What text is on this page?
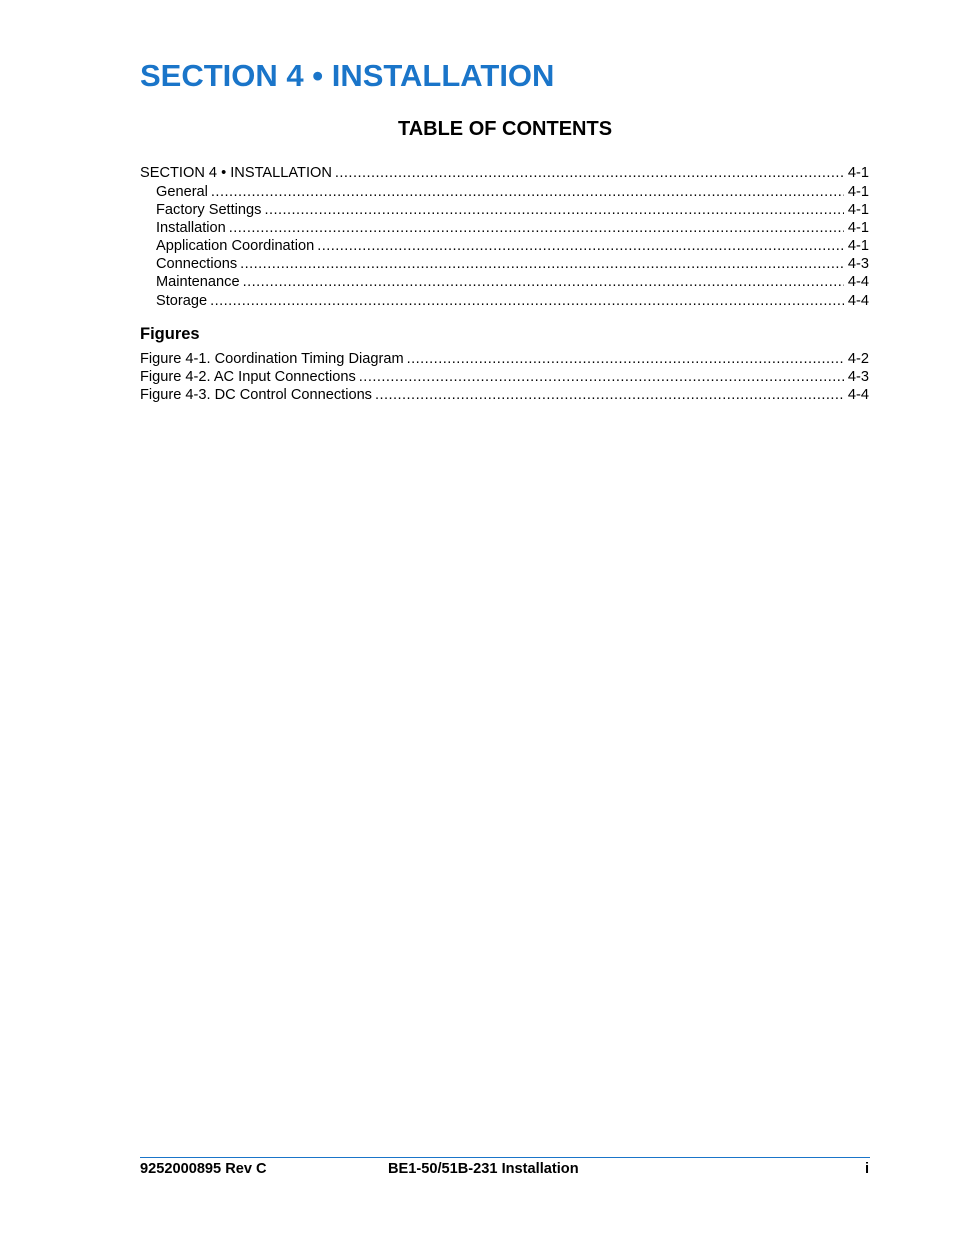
SECTION 4 • INSTALLATION
TABLE OF CONTENTS
SECTION 4 • INSTALLATION . . .	4-1
General . . .	4-1
Factory Settings . . .	4-1
Installation . . .	4-1
Application Coordination . . .	4-1
Connections . . .	4-3
Maintenance . . .	4-4
Storage . . .	4-4
Figures
Figure 4-1. Coordination Timing Diagram . . .	4-2
Figure 4-2. AC Input Connections . . .	4-3
Figure 4-3. DC Control Connections . . .	4-4
9252000895 Rev C	BE1-50/51B-231 Installation	i
